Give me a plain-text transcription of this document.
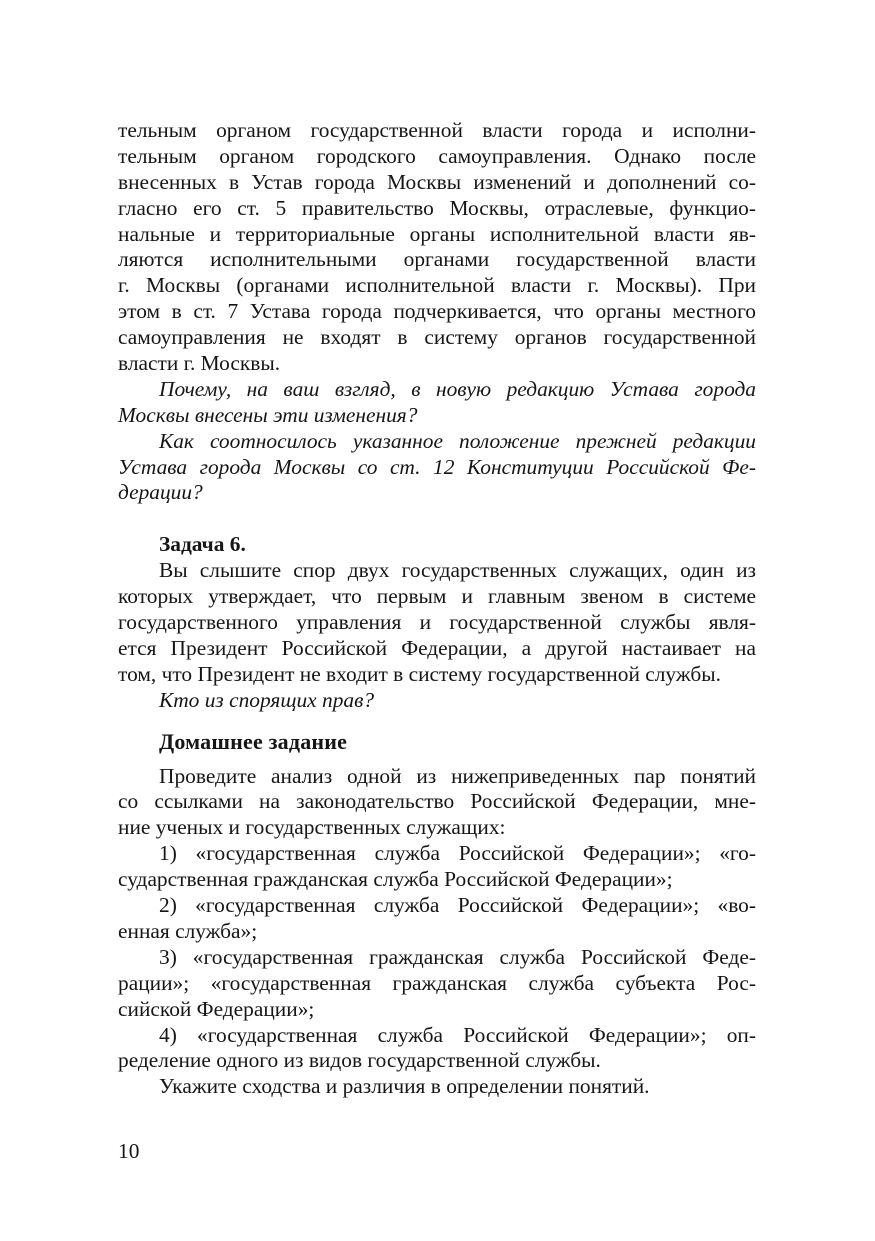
тельным органом государственной власти города и исполни-
тельным органом городского самоуправления. Однако после
внесенных в Устав города Москвы изменений и дополнений со-
гласно его ст. 5 правительство Москвы, отраслевые, функцио-
нальные и территориальные органы исполнительной власти яв-
ляются исполнительными органами государственной власти
г. Москвы (органами исполнительной власти г. Москвы). При
этом в ст. 7 Устава города подчеркивается, что органы местного
самоуправления не входят в систему органов государственной
власти г. Москвы.
Почему, на ваш взгляд, в новую редакцию Устава города
Москвы внесены эти изменения?
Как соотносилось указанное положение прежней редакции
Устава города Москвы со ст. 12 Конституции Российской Фе-
дерации?
Задача 6.
Вы слышите спор двух государственных служащих, один из
которых утверждает, что первым и главным звеном в системе
государственного управления и государственной службы явля-
ется Президент Российской Федерации, а другой настаивает на
том, что Президент не входит в систему государственной службы.
Кто из спорящих прав?
Домашнее задание
Проведите анализ одной из нижеприведенных пар понятий
со ссылками на законодательство Российской Федерации, мне-
ние ученых и государственных служащих:
1) «государственная служба Российской Федерации»; «го-
сударственная гражданская служба Российской Федерации»;
2) «государственная служба Российской Федерации»; «во-
енная служба»;
3) «государственная гражданская служба Российской Феде-
рации»; «государственная гражданская служба субъекта Рос-
сийской Федерации»;
4) «государственная служба Российской Федерации»; оп-
ределение одного из видов государственной службы.
Укажите сходства и различия в определении понятий.
10
